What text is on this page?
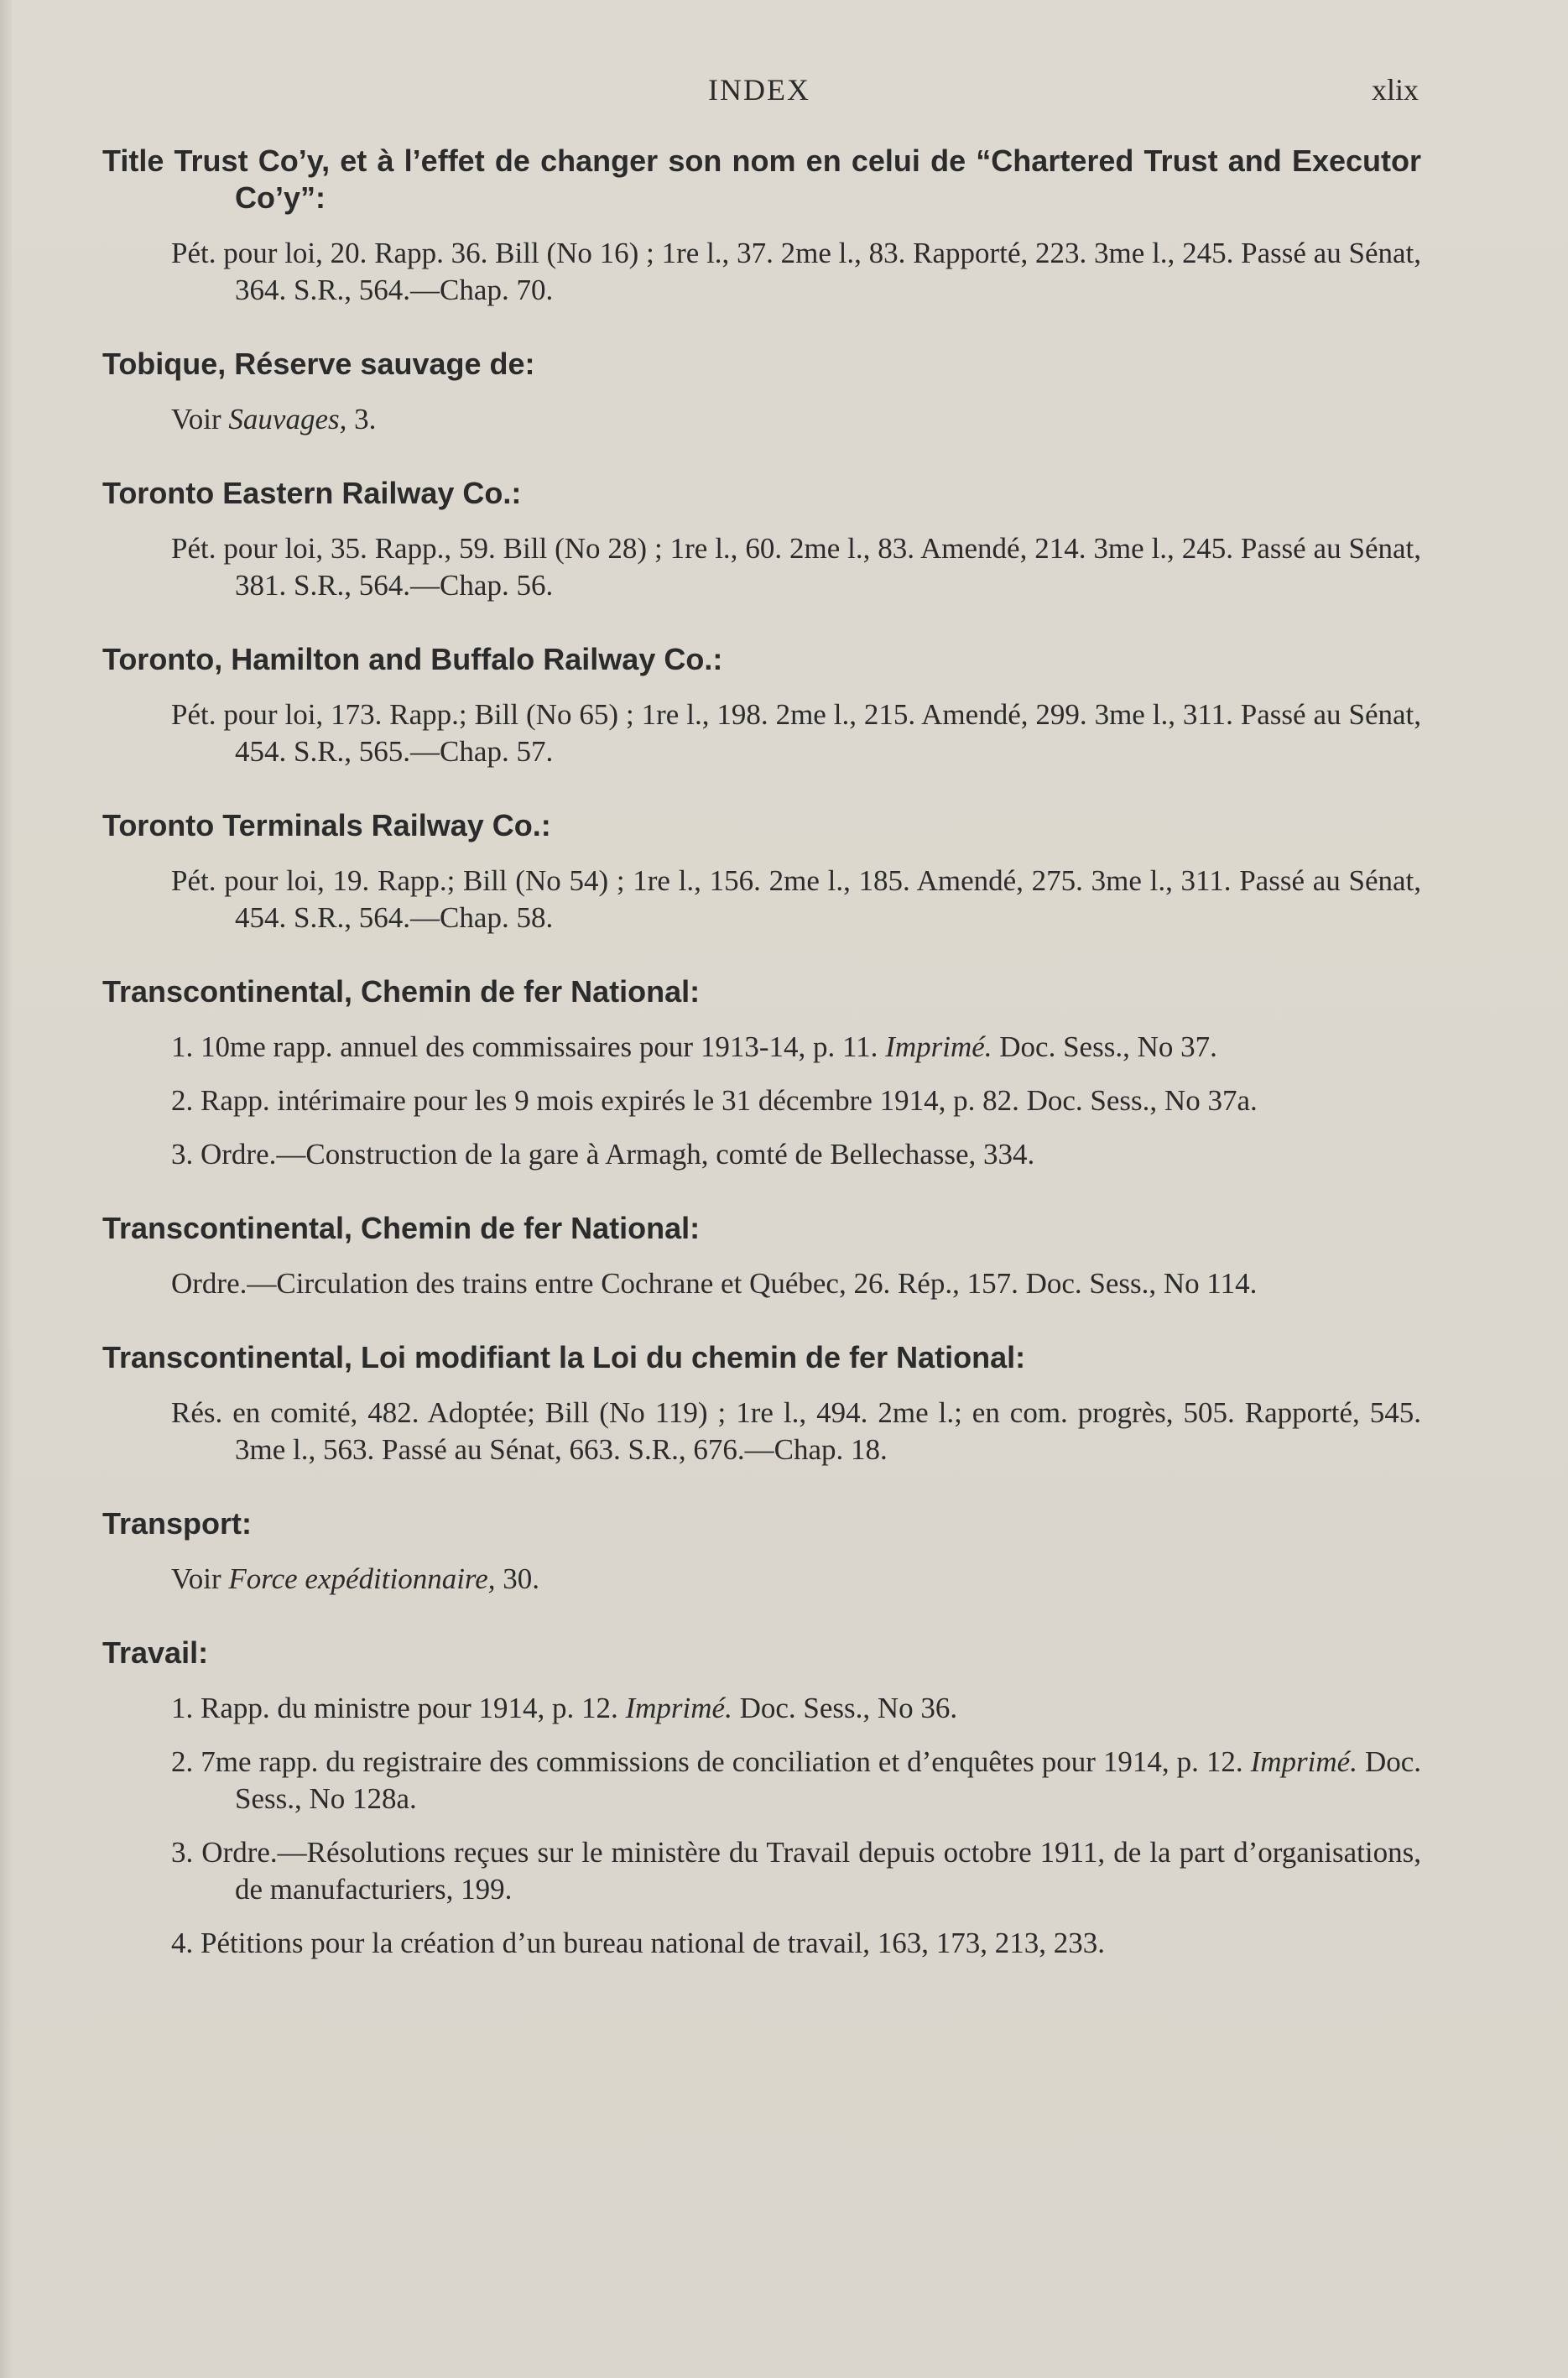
INDEX	xlix
Title Trust Co’y, et à l’effet de changer son nom en celui de “Chartered Trust and Executor Co’y”:
Pét. pour loi, 20. Rapp. 36. Bill (No 16) ; 1re l., 37. 2me l., 83. Rapporté, 223. 3me l., 245. Passé au Sénat, 364. S.R., 564.—Chap. 70.
Tobique, Réserve sauvage de:
Voir Sauvages, 3.
Toronto Eastern Railway Co.:
Pét. pour loi, 35. Rapp., 59. Bill (No 28) ; 1re l., 60. 2me l., 83. Amendé, 214. 3me l., 245. Passé au Sénat, 381. S.R., 564.—Chap. 56.
Toronto, Hamilton and Buffalo Railway Co.:
Pét. pour loi, 173. Rapp.; Bill (No 65) ; 1re l., 198. 2me l., 215. Amendé, 299. 3me l., 311. Passé au Sénat, 454. S.R., 565.—Chap. 57.
Toronto Terminals Railway Co.:
Pét. pour loi, 19. Rapp.; Bill (No 54) ; 1re l., 156. 2me l., 185. Amendé, 275. 3me l., 311. Passé au Sénat, 454. S.R., 564.—Chap. 58.
Transcontinental, Chemin de fer National:
1. 10me rapp. annuel des commissaires pour 1913-14, p. 11. Imprimé. Doc. Sess., No 37.
2. Rapp. intérimaire pour les 9 mois expirés le 31 décembre 1914, p. 82. Doc. Sess., No 37a.
3. Ordre.—Construction de la gare à Armagh, comté de Bellechasse, 334.
Transcontinental, Chemin de fer National:
Ordre.—Circulation des trains entre Cochrane et Québec, 26. Rép., 157. Doc. Sess., No 114.
Transcontinental, Loi modifiant la Loi du chemin de fer National:
Rés. en comité, 482. Adoptée; Bill (No 119) ; 1re l., 494. 2me l.; en com. progrès, 505. Rapporté, 545. 3me l., 563. Passé au Sénat, 663. S.R., 676.—Chap. 18.
Transport:
Voir Force expéditionnaire, 30.
Travail:
1. Rapp. du ministre pour 1914, p. 12. Imprimé. Doc. Sess., No 36.
2. 7me rapp. du registraire des commissions de conciliation et d’enquêtes pour 1914, p. 12. Imprimé. Doc. Sess., No 128a.
3. Ordre.—Résolutions reçues sur le ministère du Travail depuis octobre 1911, de la part d’organisations, de manufacturiers, 199.
4. Pétitions pour la création d’un bureau national de travail, 163, 173, 213, 233.
